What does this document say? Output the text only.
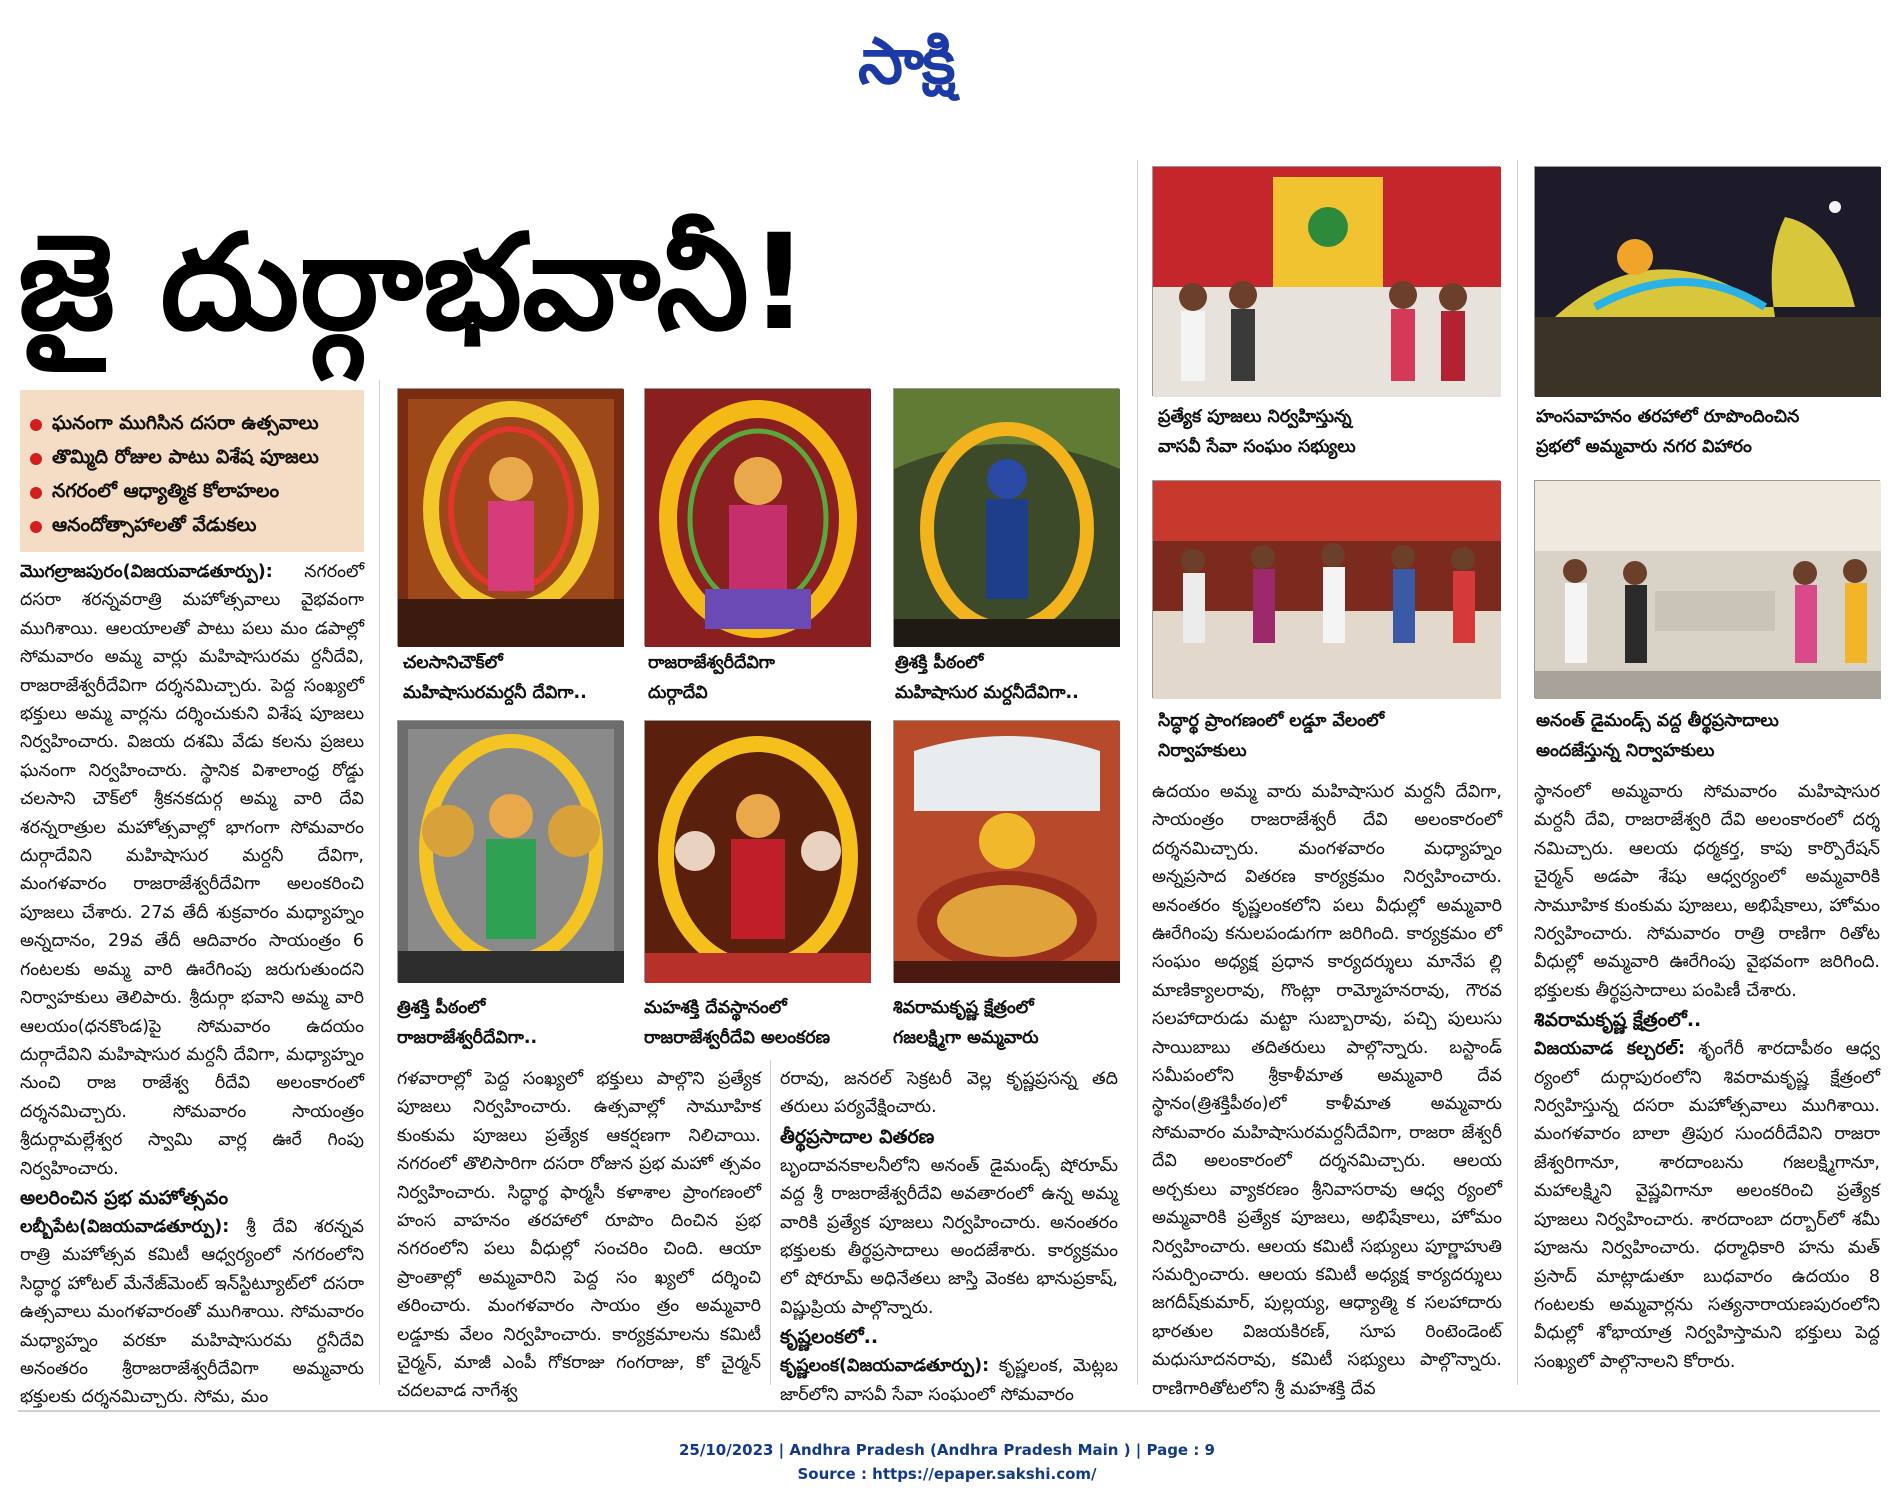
సాక్షి
జై దుర్గాభవానీ!
ఘనంగా ముగిసిన దసరా ఉత్సవాలు
తొమ్మిది రోజుల పాటు విశేష పూజలు
నగరంలో ఆధ్యాత్మిక కోలాహలం
ఆనందోత్సాహాలతో వేడుకలు

మొగల్రాజపురం(విజయవాడతూర్పు): నగరంలో దసరా శరన్నవరాత్రి మహోత్సవాలు వైభవంగా ముగిశాయి. ఆలయాలతో పాటు పలు మం డపాల్లో సోమవారం అమ్మ వార్లు మహిషాసురమ ర్దనీదేవి, రాజరాజేశ్వరీదేవిగా దర్శనమిచ్చారు. పెద్ద సంఖ్యలో భక్తులు అమ్మ వార్లను దర్శించుకుని విశేష పూజలు నిర్వహించారు. విజయ దశమి వేడు కలను ప్రజలు ఘనంగా నిర్వహించారు. స్థానిక విశాలాంధ్ర రోడ్డు చలసాని చౌక్‌లో శ్రీకనకదుర్గ అమ్మ వారి దేవి శరన్నరాత్రుల మహోత్సవాల్లో భాగంగా సోమవారం దుర్గాదేవిని మహిషాసుర మర్దనీ దేవిగా, మంగళవారం రాజరాజేశ్వరీదేవిగా అలంకరించి పూజలు చేశారు. 27వ తేదీ శుక్రవారం మధ్యాహ్నం అన్నదానం, 29వ తేదీ ఆదివారం సాయంత్రం 6 గంటలకు అమ్మ వారి ఊరేగింపు జరుగుతుందని నిర్వాహకులు తెలిపారు. శ్రీదుర్గా భవాని అమ్మ వారి ఆలయం(ధనకొండ)పై సోమవారం ఉదయం దుర్గాదేవిని మహిషాసుర మర్దనీ దేవిగా, మధ్యాహ్నం నుంచి రాజ రాజేశ్వ రీదేవి అలంకారంలో దర్శనమిచ్చారు. సోమవారం సాయంత్రం శ్రీదుర్గామల్లేశ్వర స్వామి వార్ల ఊరే గింపు నిర్వహించారు.

అలరించిన ప్రభ మహోత్సవం

లబ్బీపేట(విజయవాడతూర్పు): శ్రీ దేవి శరన్నవ రాత్రి మహోత్సవ కమిటీ ఆధ్వర్యంలో నగరంలోని సిద్ధార్థ హోటల్ మేనేజ్‌మెంట్ ఇన్‌స్టిట్యూట్‌లో దసరా ఉత్సవాలు మంగళవారంతో ముగిశాయి. సోమవారం మధ్యాహ్నం వరకూ మహిషాసురమ ర్దనీదేవి అనంతరం శ్రీరాజరాజేశ్వరీదేవిగా అమ్మవారు భక్తులకు దర్శనమిచ్చారు. సోమ, మం

చలసానిచౌక్‌లో
మహిషాసురమర్దనీ దేవిగా..
రాజరాజేశ్వరీదేవిగా
దుర్గాదేవి
త్రిశక్తి పీఠంలో
మహిషాసుర మర్దనీదేవిగా..
త్రిశక్తి పీఠంలో
రాజరాజేశ్వరీదేవిగా..
మహశక్తి దేవస్థానంలో
రాజరాజేశ్వరీదేవి అలంకరణ
శివరామకృష్ణ క్షేత్రంలో
గజలక్ష్మిగా అమ్మవారు
ప్రత్యేక పూజలు నిర్వహిస్తున్న
వాసవీ సేవా సంఘం సభ్యులు
హంసవాహనం తరహాలో రూపొందించిన
ప్రభలో అమ్మవారు నగర విహారం
సిద్ధార్థ ప్రాంగణంలో లడ్డూ వేలంలో
నిర్వాహకులు
అనంత్ డైమండ్స్ వద్ద తీర్థప్రసాదాలు
అందజేస్తున్న నిర్వాహకులు

గళవారాల్లో పెద్ద సంఖ్యలో భక్తులు పాల్గొని ప్రత్యేక పూజలు నిర్వహించారు. ఉత్సవాల్లో సామూహిక కుంకుమ పూజలు ప్రత్యేక ఆకర్షణగా నిలిచాయి. నగరంలో తొలిసారిగా దసరా రోజున ప్రభ మహో త్సవం నిర్వహించారు. సిద్ధార్థ ఫార్మసీ కళాశాల ప్రాంగణంలో హంస వాహనం తరహాలో రూపొం దించిన ప్రభ నగరంలోని పలు వీధుల్లో సంచరిం చింది. ఆయా ప్రాంతాల్లో అమ్మవారిని పెద్ద సం ఖ్యలో దర్శించి తరించారు. మంగళవారం సాయం త్రం అమ్మవారి లడ్డూకు వేలం నిర్వహించారు. కార్యక్రమాలను కమిటీ చైర్మన్, మాజీ ఎంపీ గోకరాజు గంగరాజు, కో చైర్మన్ చదలవాడ నాగేశ్వ

రరావు, జనరల్ సెక్రటరీ వెల్ల కృష్ణప్రసన్న తది తరులు పర్యవేక్షించారు.

తీర్థప్రసాదాల వితరణ

బృందావనకాలనీలోని అనంత్ డైమండ్స్ షోరూమ్ వద్ద శ్రీ రాజరాజేశ్వరీదేవి అవతారంలో ఉన్న అమ్మ వారికి ప్రత్యేక పూజలు నిర్వహించారు. అనంతరం భక్తులకు తీర్థప్రసాదాలు అందజేశారు. కార్యక్రమం లో షోరూమ్ అధినేతలు జాస్తి వెంకట భానుప్రకాష్, విష్ణుప్రియ పాల్గొన్నారు.

కృష్ణలంకలో..

కృష్ణలంక(విజయవాడతూర్పు): కృష్ణలంక, మెట్లబ జార్‌లోని వాసవీ సేవా సంఘంలో సోమవారం

ఉదయం అమ్మ వారు మహిషాసుర మర్దనీ దేవిగా, సాయంత్రం రాజరాజేశ్వరీ దేవి అలంకారంలో దర్శనమిచ్చారు. మంగళవారం మధ్యాహ్నం అన్నప్రసాద వితరణ కార్యక్రమం నిర్వహించారు. అనంతరం కృష్ణలంకలోని పలు వీధుల్లో అమ్మవారి ఊరేగింపు కనులపండుగగా జరిగింది. కార్యక్రమం లో సంఘం అధ్యక్ష ప్రధాన కార్యదర్శులు మానేప ల్లి మాణిక్యాలరావు, గొంట్లా రామ్మోహనరావు, గౌరవ సలహాదారుడు మట్టా సుబ్బారావు, పచ్చి పులుసు సాయిబాబు తదితరులు పాల్గొన్నారు. బస్టాండ్ సమీపంలోని శ్రీకాళీమాత అమ్మవారి దేవ స్థానం(త్రిశక్తిపీఠం)లో కాళీమాత అమ్మవారు సోమవారం మహిషాసురమర్దనీదేవిగా, రాజరా జేశ్వరీ దేవి అలంకారంలో దర్శనమిచ్చారు. ఆలయ అర్చకులు వ్యాకరణం శ్రీనివాసరావు ఆధ్వ ర్యంలో అమ్మవారికి ప్రత్యేక పూజలు, అభిషేకాలు, హోమం నిర్వహించారు. ఆలయ కమిటీ సభ్యులు పూర్ణాహుతి సమర్పించారు. ఆలయ కమిటీ అధ్యక్ష కార్యదర్శులు జగదీష్‌కుమార్, పుల్లయ్య, ఆధ్యాత్మి క సలహాదారు భారతుల విజయకిరణ్, సూప రింటెండెంట్ మధుసూదనరావు, కమిటీ సభ్యులు పాల్గొన్నారు. రాణిగారితోటలోని శ్రీ మహశక్తి దేవ

స్థానంలో అమ్మవారు సోమవారం మహిషాసుర మర్దనీ దేవి, రాజరాజేశ్వరి దేవి అలంకారంలో దర్శ నమిచ్చారు. ఆలయ ధర్మకర్త, కాపు కార్పొరేషన్ చైర్మన్ అడపా శేషు ఆధ్వర్యంలో అమ్మవారికి సామూహిక కుంకుమ పూజలు, అభిషేకాలు, హోమం నిర్వహించారు. సోమవారం రాత్రి రాణిగా రితోట వీధుల్లో అమ్మవారి ఊరేగింపు వైభవంగా జరిగింది. భక్తులకు తీర్థప్రసాదాలు పంపిణీ చేశారు.

శివరామకృష్ణ క్షేత్రంలో..

విజయవాడ కల్చరల్: శృంగేరీ శారదాపీఠం ఆధ్వ ర్యంలో దుర్గాపురంలోని శివరామకృష్ణ క్షేత్రంలో నిర్వహిస్తున్న దసరా మహోత్సవాలు ముగిశాయి. మంగళవారం బాలా త్రిపుర సుందరీదేవిని రాజరా జేశ్వరిగానూ, శారదాంబను గజలక్ష్మిగానూ, మహాలక్ష్మిని వైష్ణవిగానూ అలంకరించి ప్రత్యేక పూజలు నిర్వహించారు. శారదాంబా దర్బార్‌లో శమీ పూజను నిర్వహించారు. ధర్మాధికారి హను మత్ ప్రసాద్ మాట్లాడుతూ బుధవారం ఉదయం 8 గంటలకు అమ్మవార్లను సత్యనారాయణపురంలోని వీధుల్లో శోభాయాత్ర నిర్వహిస్తామని భక్తులు పెద్ద సంఖ్యలో పాల్గొనాలని కోరారు.

25/10/2023 | Andhra Pradesh (Andhra Pradesh Main ) | Page : 9
Source : https://epaper.sakshi.com/
